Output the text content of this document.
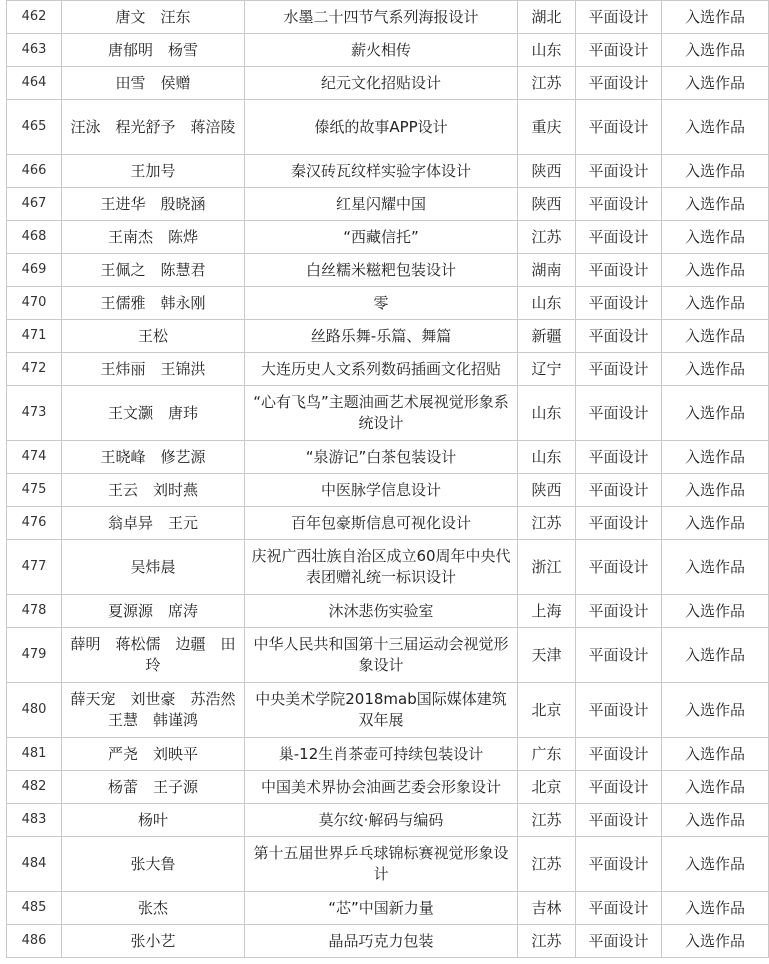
462	唐文　汪东	水墨二十四节气系列海报设计	湖北	平面设计	入选作品
463	唐郁明　杨雪	薪火相传	山东	平面设计	入选作品
464	田雪　侯赠	纪元文化招贴设计	江苏	平面设计	入选作品
465	汪泳　程光舒予　蒋涪陵	傣纸的故事APP设计	重庆	平面设计	入选作品
466	王加号	秦汉砖瓦纹样实验字体设计	陕西	平面设计	入选作品
467	王进华　殷晓涵	红星闪耀中国	陕西	平面设计	入选作品
468	王南杰　陈烨	“西藏信托”	江苏	平面设计	入选作品
469	王佩之　陈慧君	白丝糯米糍粑包装设计	湖南	平面设计	入选作品
470	王儒雅　韩永刚	零	山东	平面设计	入选作品
471	王松	丝路乐舞-乐篇、舞篇	新疆	平面设计	入选作品
472	王炜丽　王锦洪	大连历史人文系列数码插画文化招贴	辽宁	平面设计	入选作品
473	王文灏　唐玮	“心有飞鸟”主题油画艺术展视觉形象系统设计	山东	平面设计	入选作品
474	王晓峰　修艺源	“泉游记”白茶包装设计	山东	平面设计	入选作品
475	王云　刘时燕	中医脉学信息设计	陕西	平面设计	入选作品
476	翁卓异　王元	百年包豪斯信息可视化设计	江苏	平面设计	入选作品
477	吴炜晨	庆祝广西壮族自治区成立60周年中央代表团赠礼统一标识设计	浙江	平面设计	入选作品
478	夏源源　席涛	沐沐悲伤实验室	上海	平面设计	入选作品
479	薛明　蒋松儒　边疆　田玲	中华人民共和国第十三届运动会视觉形象设计	天津	平面设计	入选作品
480	薛天宠　刘世豪　苏浩然　王慧　韩谨鸿	中央美术学院2018mab国际媒体建筑双年展	北京	平面设计	入选作品
481	严尧　刘映平	巢-12生肖茶壶可持续包装设计	广东	平面设计	入选作品
482	杨蕾　王子源	中国美术界协会油画艺委会形象设计	北京	平面设计	入选作品
483	杨叶	莫尔纹·解码与编码	江苏	平面设计	入选作品
484	张大鲁	第十五届世界乒乓球锦标赛视觉形象设计	江苏	平面设计	入选作品
485	张杰	“芯”中国新力量	吉林	平面设计	入选作品
486	张小艺	晶品巧克力包装	江苏	平面设计	入选作品
